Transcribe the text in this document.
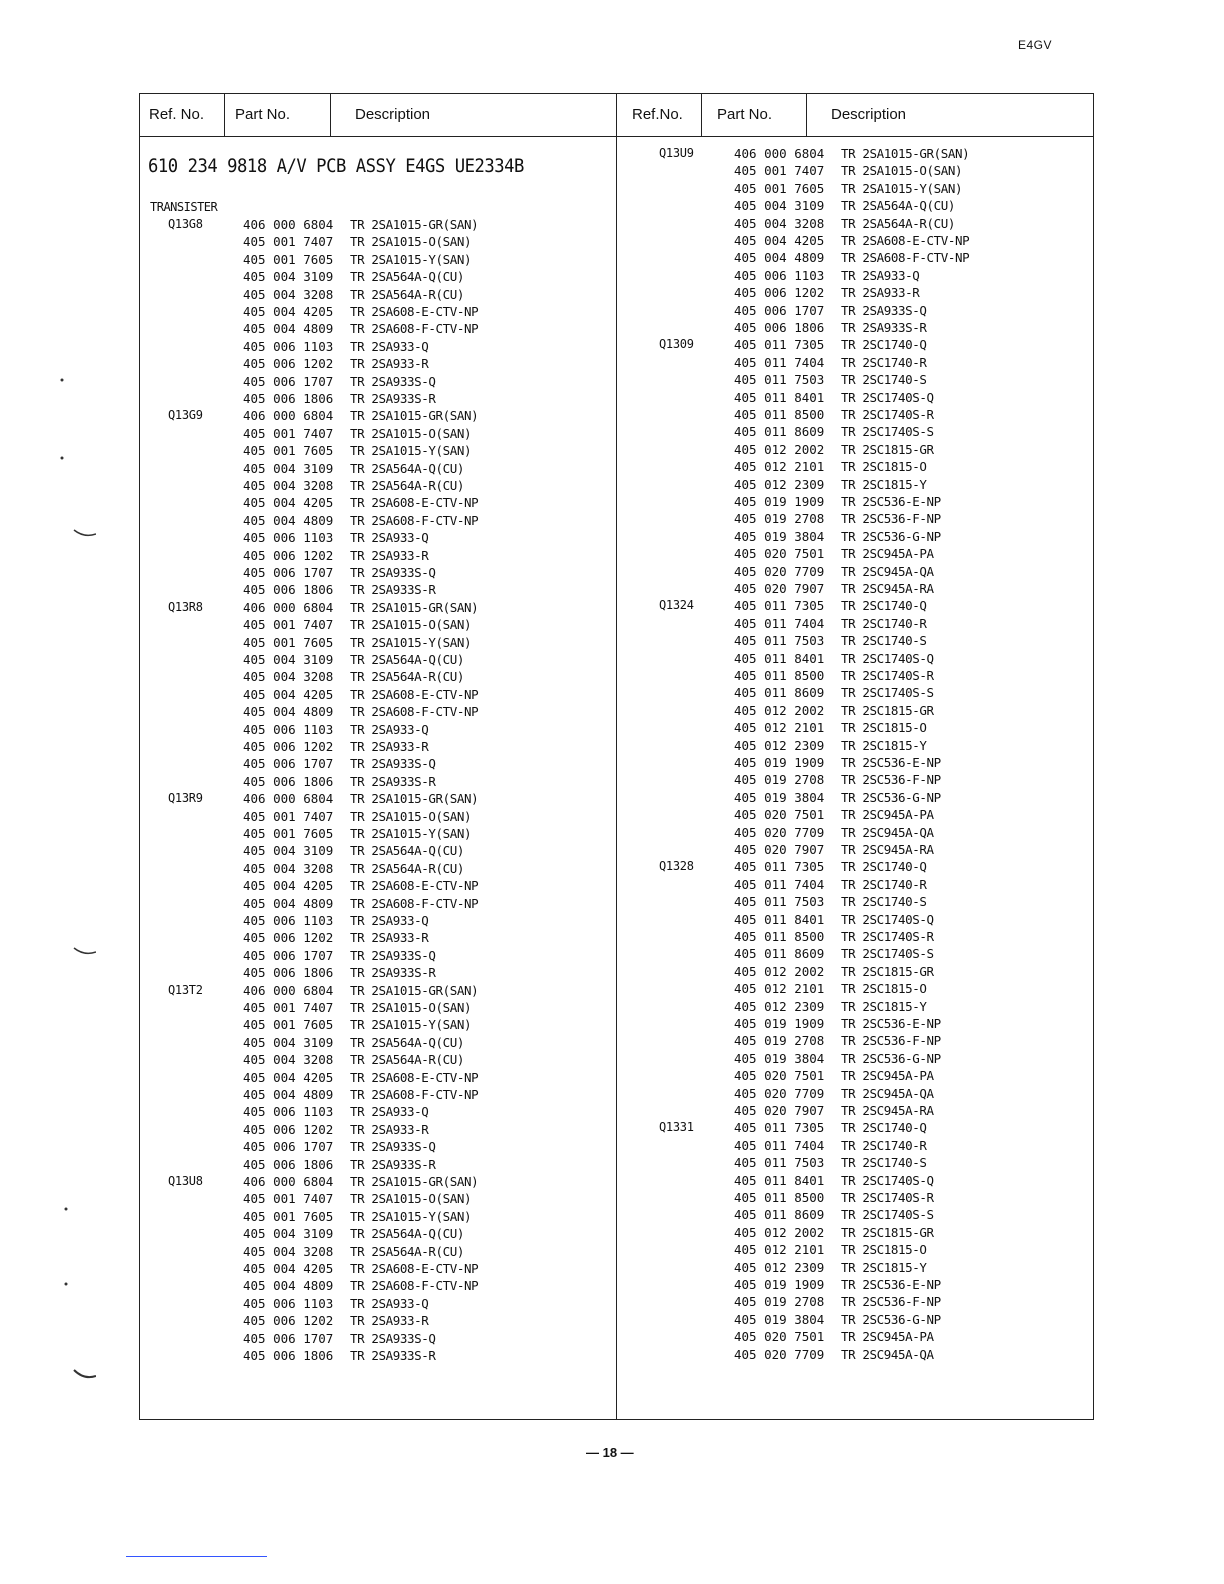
E4GV
Ref. No. Part No.	Description	Ref.No. Part No.	Description
610 234 9818 A/V PCB ASSY E4GS UE2334B
TRANSISTER
Q13G8	406 000 6804 TR 2SA1015-GR(SAN)
405 001 7407 TR 2SA1015-O(SAN)
405 001 7605 TR 2SA1015-Y(SAN)
405 004 3109 TR 2SA564A-Q(CU)
405 004 3208 TR 2SA564A-R(CU)
405 004 4205 TR 2SA608-E-CTV-NP
405 004 4809 TR 2SA608-F-CTV-NP
405 006 1103 TR 2SA933-Q
405 006 1202 TR 2SA933-R
405 006 1707 TR 2SA933S-Q
405 006 1806 TR 2SA933S-R
Q13G9	406 000 6804 TR 2SA1015-GR(SAN)
405 001 7407 TR 2SA1015-O(SAN)
405 001 7605 TR 2SA1015-Y(SAN)
405 004 3109 TR 2SA564A-Q(CU)
405 004 3208 TR 2SA564A-R(CU)
405 004 4205 TR 2SA608-E-CTV-NP
405 004 4809 TR 2SA608-F-CTV-NP
405 006 1103 TR 2SA933-Q
405 006 1202 TR 2SA933-R
405 006 1707 TR 2SA933S-Q
405 006 1806 TR 2SA933S-R
Q13R8	406 000 6804 TR 2SA1015-GR(SAN)
405 001 7407 TR 2SA1015-O(SAN)
405 001 7605 TR 2SA1015-Y(SAN)
405 004 3109 TR 2SA564A-Q(CU)
405 004 3208 TR 2SA564A-R(CU)
405 004 4205 TR 2SA608-E-CTV-NP
405 004 4809 TR 2SA608-F-CTV-NP
405 006 1103 TR 2SA933-Q
405 006 1202 TR 2SA933-R
405 006 1707 TR 2SA933S-Q
405 006 1806 TR 2SA933S-R
Q13R9	406 000 6804 TR 2SA1015-GR(SAN)
405 001 7407 TR 2SA1015-O(SAN)
405 001 7605 TR 2SA1015-Y(SAN)
405 004 3109 TR 2SA564A-Q(CU)
405 004 3208 TR 2SA564A-R(CU)
405 004 4205 TR 2SA608-E-CTV-NP
405 004 4809 TR 2SA608-F-CTV-NP
405 006 1103 TR 2SA933-Q
405 006 1202 TR 2SA933-R
405 006 1707 TR 2SA933S-Q
405 006 1806 TR 2SA933S-R
Q13T2	406 000 6804 TR 2SA1015-GR(SAN)
405 001 7407 TR 2SA1015-O(SAN)
405 001 7605 TR 2SA1015-Y(SAN)
405 004 3109 TR 2SA564A-Q(CU)
405 004 3208 TR 2SA564A-R(CU)
405 004 4205 TR 2SA608-E-CTV-NP
405 004 4809 TR 2SA608-F-CTV-NP
405 006 1103 TR 2SA933-Q
405 006 1202 TR 2SA933-R
405 006 1707 TR 2SA933S-Q
405 006 1806 TR 2SA933S-R
Q13U8	406 000 6804 TR 2SA1015-GR(SAN)
405 001 7407 TR 2SA1015-O(SAN)
405 001 7605 TR 2SA1015-Y(SAN)
405 004 3109 TR 2SA564A-Q(CU)
405 004 3208 TR 2SA564A-R(CU)
405 004 4205 TR 2SA608-E-CTV-NP
405 004 4809 TR 2SA608-F-CTV-NP
405 006 1103 TR 2SA933-Q
405 006 1202 TR 2SA933-R
405 006 1707 TR 2SA933S-Q
405 006 1806 TR 2SA933S-R
Q13U9	406 000 6804 TR 2SA1015-GR(SAN)
405 001 7407 TR 2SA1015-O(SAN)
405 001 7605 TR 2SA1015-Y(SAN)
405 004 3109 TR 2SA564A-Q(CU)
405 004 3208 TR 2SA564A-R(CU)
405 004 4205 TR 2SA608-E-CTV-NP
405 004 4809 TR 2SA608-F-CTV-NP
405 006 1103 TR 2SA933-Q
405 006 1202 TR 2SA933-R
405 006 1707 TR 2SA933S-Q
405 006 1806 TR 2SA933S-R
Q1309	405 011 7305 TR 2SC1740-Q
405 011 7404 TR 2SC1740-R
405 011 7503 TR 2SC1740-S
405 011 8401 TR 2SC1740S-Q
405 011 8500 TR 2SC1740S-R
405 011 8609 TR 2SC1740S-S
405 012 2002 TR 2SC1815-GR
405 012 2101 TR 2SC1815-O
405 012 2309 TR 2SC1815-Y
405 019 1909 TR 2SC536-E-NP
405 019 2708 TR 2SC536-F-NP
405 019 3804 TR 2SC536-G-NP
405 020 7501 TR 2SC945A-PA
405 020 7709 TR 2SC945A-QA
405 020 7907 TR 2SC945A-RA
Q1324	405 011 7305 TR 2SC1740-Q
405 011 7404 TR 2SC1740-R
405 011 7503 TR 2SC1740-S
405 011 8401 TR 2SC1740S-Q
405 011 8500 TR 2SC1740S-R
405 011 8609 TR 2SC1740S-S
405 012 2002 TR 2SC1815-GR
405 012 2101 TR 2SC1815-O
405 012 2309 TR 2SC1815-Y
405 019 1909 TR 2SC536-E-NP
405 019 2708 TR 2SC536-F-NP
405 019 3804 TR 2SC536-G-NP
405 020 7501 TR 2SC945A-PA
405 020 7709 TR 2SC945A-QA
405 020 7907 TR 2SC945A-RA
Q1328	405 011 7305 TR 2SC1740-Q
405 011 7404 TR 2SC1740-R
405 011 7503 TR 2SC1740-S
405 011 8401 TR 2SC1740S-Q
405 011 8500 TR 2SC1740S-R
405 011 8609 TR 2SC1740S-S
405 012 2002 TR 2SC1815-GR
405 012 2101 TR 2SC1815-O
405 012 2309 TR 2SC1815-Y
405 019 1909 TR 2SC536-E-NP
405 019 2708 TR 2SC536-F-NP
405 019 3804 TR 2SC536-G-NP
405 020 7501 TR 2SC945A-PA
405 020 7709 TR 2SC945A-QA
405 020 7907 TR 2SC945A-RA
Q1331	405 011 7305 TR 2SC1740-Q
405 011 7404 TR 2SC1740-R
405 011 7503 TR 2SC1740-S
405 011 8401 TR 2SC1740S-Q
405 011 8500 TR 2SC1740S-R
405 011 8609 TR 2SC1740S-S
405 012 2002 TR 2SC1815-GR
405 012 2101 TR 2SC1815-O
405 012 2309 TR 2SC1815-Y
405 019 1909 TR 2SC536-E-NP
405 019 2708 TR 2SC536-F-NP
405 019 3804 TR 2SC536-G-NP
405 020 7501 TR 2SC945A-PA
405 020 7709 TR 2SC945A-QA
— 18 —
